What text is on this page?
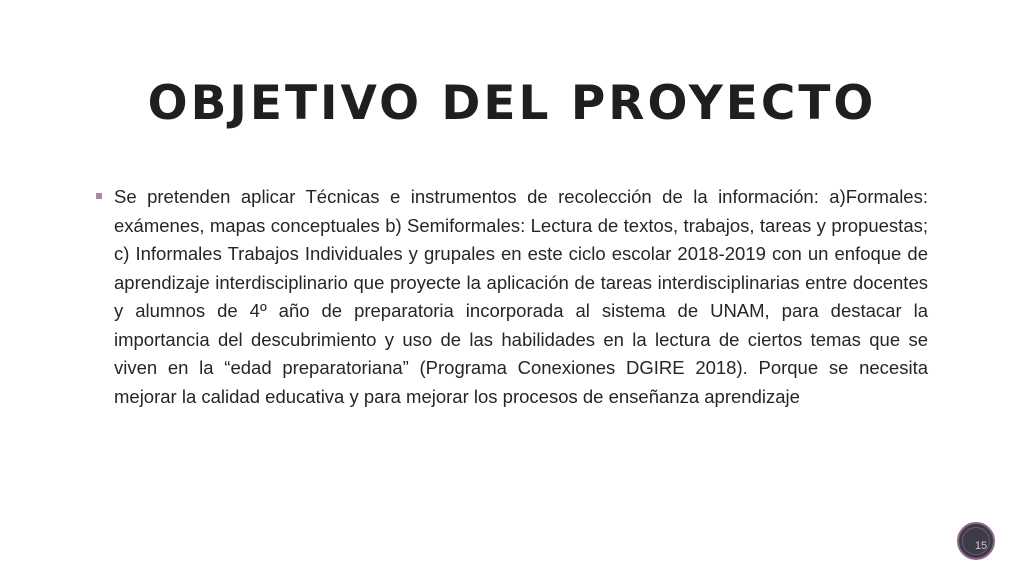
OBJETIVO DEL PROYECTO

Se pretenden aplicar Técnicas e instrumentos de recolección de la información: a)Formales: exámenes, mapas conceptuales b) Semiformales: Lectura de textos, trabajos, tareas y propuestas; c) Informales Trabajos Individuales y grupales en este ciclo escolar 2018-2019 con un enfoque de aprendizaje interdisciplinario que proyecte la aplicación de tareas interdisciplinarias entre docentes y alumnos de 4º año de preparatoria incorporada al sistema de UNAM, para destacar la importancia del descubrimiento y uso de las habilidades en la lectura de ciertos temas que se viven en la “edad preparatoriana” (Programa Conexiones DGIRE 2018). Porque se necesita mejorar la calidad educativa y para mejorar los procesos de enseñanza aprendizaje

15
